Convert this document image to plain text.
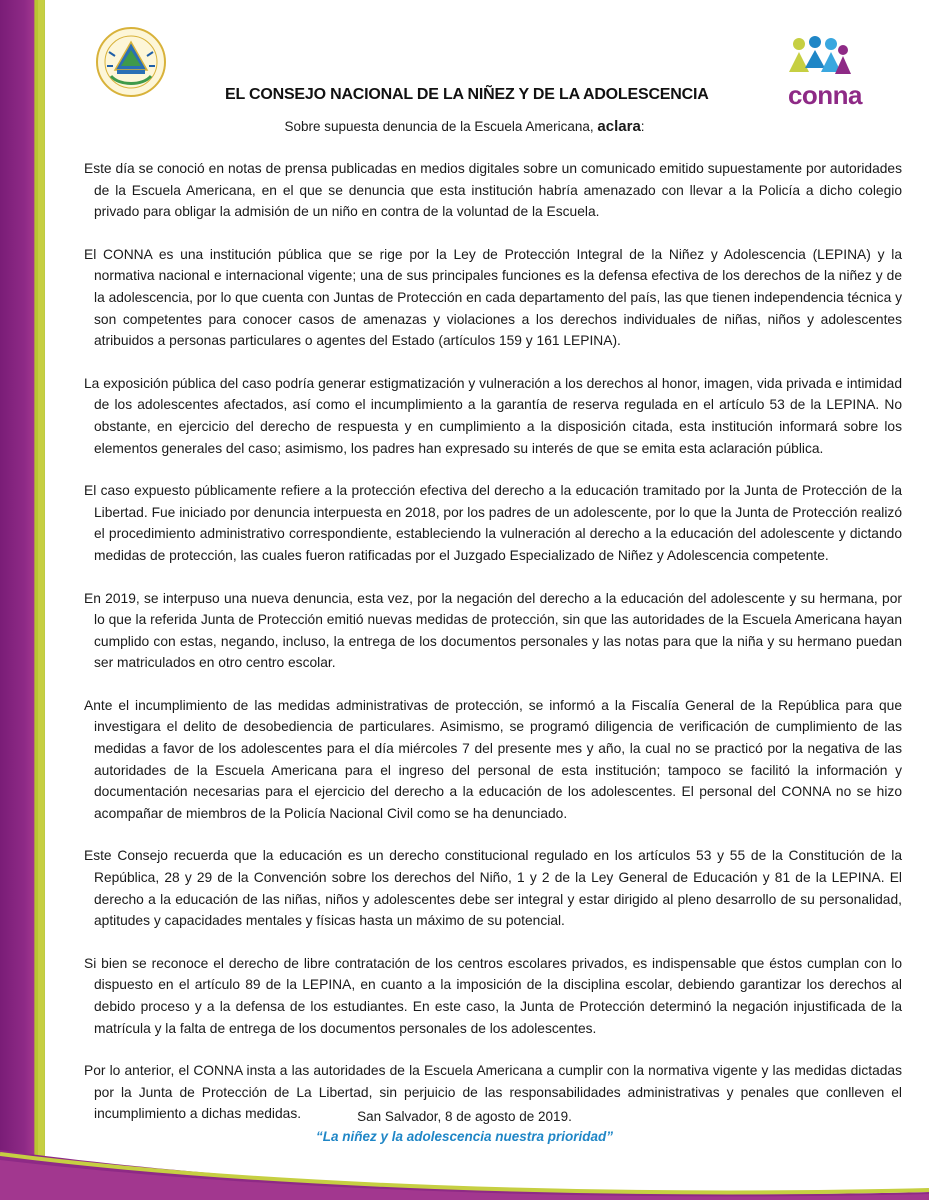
EL CONSEJO NACIONAL DE LA NIÑEZ Y DE LA ADOLESCENCIA	conna
Sobre supuesta denuncia de la Escuela Americana, aclara:

Este día se conoció en notas de prensa publicadas en medios digitales sobre un comunicado emitido supuestamente por autoridades de la Escuela Americana, en el que se denuncia que esta institución habría amenazado con llevar a la Policía a dicho colegio privado para obligar la admisión de un niño en contra de la voluntad de la Escuela.

El CONNA es una institución pública que se rige por la Ley de Protección Integral de la Niñez y Adolescencia (LEPINA) y la normativa nacional e internacional vigente; una de sus principales funciones es la defensa efectiva de los derechos de la niñez y de la adolescencia, por lo que cuenta con Juntas de Protección en cada departamento del país, las que tienen independencia técnica y son competentes para conocer casos de amenazas y violaciones a los derechos individuales de niñas, niños y adolescentes atribuidos a personas particulares o agentes del Estado (artículos 159 y 161 LEPINA).

La exposición pública del caso podría generar estigmatización y vulneración a los derechos al honor, imagen, vida privada e intimidad de los adolescentes afectados, así como el incumplimiento a la garantía de reserva regulada en el artículo 53 de la LEPINA. No obstante, en ejercicio del derecho de respuesta y en cumplimiento a la disposición citada, esta institución informará sobre los elementos generales del caso; asimismo, los padres han expresado su interés de que se emita esta aclaración pública.

El caso expuesto públicamente refiere a la protección efectiva del derecho a la educación tramitado por la Junta de Protección de la Libertad. Fue iniciado por denuncia interpuesta en 2018, por los padres de un adolescente, por lo que la Junta de Protección realizó el procedimiento administrativo correspondiente, estableciendo la vulneración al derecho a la educación del adolescente y dictando medidas de protección, las cuales fueron ratificadas por el Juzgado Especializado de Niñez y Adolescencia competente.

En 2019, se interpuso una nueva denuncia, esta vez, por la negación del derecho a la educación del adolescente y su hermana, por lo que la referida Junta de Protección emitió nuevas medidas de protección, sin que las autoridades de la Escuela Americana hayan cumplido con estas, negando, incluso, la entrega de los documentos personales y las notas para que la niña y su hermano puedan ser matriculados en otro centro escolar.

Ante el incumplimiento de las medidas administrativas de protección, se informó a la Fiscalía General de la República para que investigara el delito de desobediencia de particulares. Asimismo, se programó diligencia de verificación de cumplimiento de las medidas a favor de los adolescentes para el día miércoles 7 del presente mes y año, la cual no se practicó por la negativa de las autoridades de la Escuela Americana para el ingreso del personal de esta institución; tampoco se facilitó la información y documentación necesarias para el ejercicio del derecho a la educación de los adolescentes. El personal del CONNA no se hizo acompañar de miembros de la Policía Nacional Civil como se ha denunciado.

Este Consejo recuerda que la educación es un derecho constitucional regulado en los artículos 53 y 55 de la Constitución de la República, 28 y 29 de la Convención sobre los derechos del Niño, 1 y 2 de la Ley General de Educación y 81 de la LEPINA. El derecho a la educación de las niñas, niños y adolescentes debe ser integral y estar dirigido al pleno desarrollo de su personalidad, aptitudes y capacidades mentales y físicas hasta un máximo de su potencial.

Si bien se reconoce el derecho de libre contratación de los centros escolares privados, es indispensable que éstos cumplan con lo dispuesto en el artículo 89 de la LEPINA, en cuanto a la imposición de la disciplina escolar, debiendo garantizar los derechos al debido proceso y a la defensa de los estudiantes. En este caso, la Junta de Protección determinó la negación injustificada de la matrícula y la falta de entrega de los documentos personales de los adolescentes.

Por lo anterior, el CONNA insta a las autoridades de la Escuela Americana a cumplir con la normativa vigente y las medidas dictadas por la Junta de Protección de La Libertad, sin perjuicio de las responsabilidades administrativas y penales que conlleven el incumplimiento a dichas medidas.	San Salvador, 8 de agosto de 2019.
“La niñez y la adolescencia nuestra prioridad”
